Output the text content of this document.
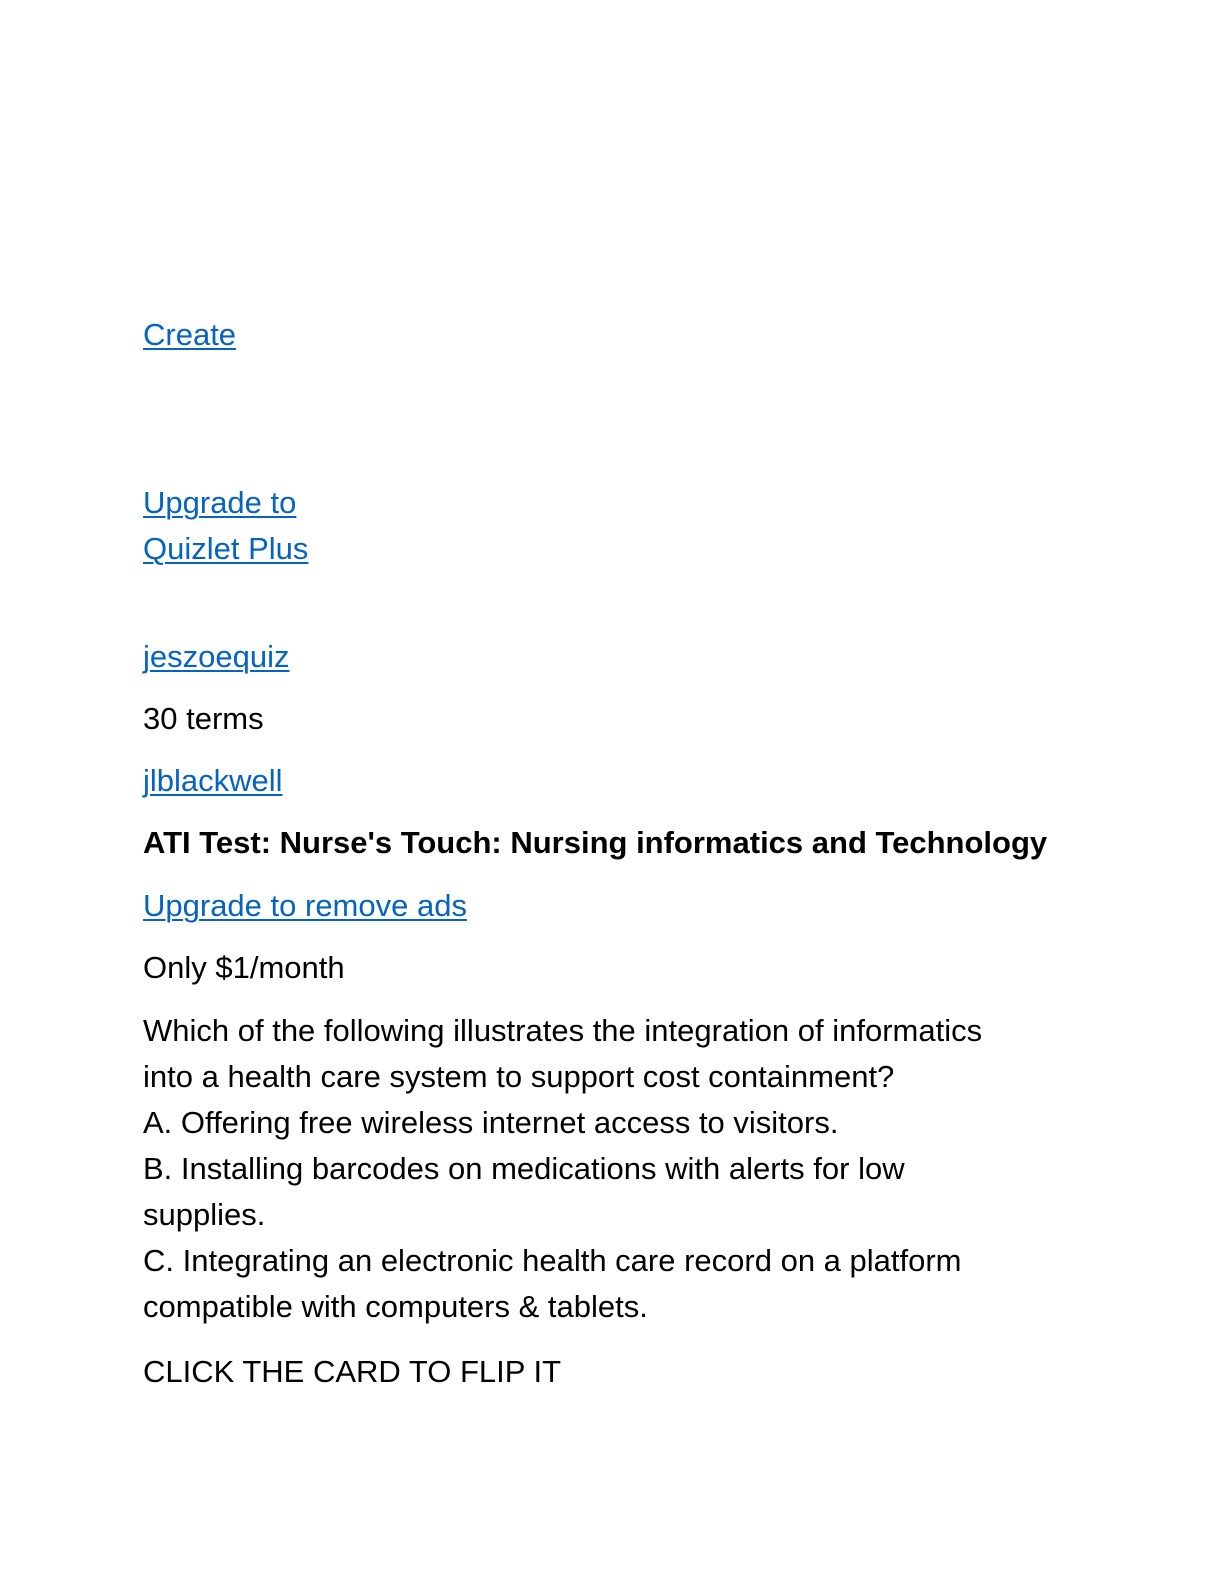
Create
Upgrade to
Quizlet Plus
jeszoequiz
30 terms
jlblackwell
ATI Test: Nurse's Touch: Nursing informatics and Technology
Upgrade to remove ads
Only $1/month
Which of the following illustrates the integration of informatics
into a health care system to support cost containment?
A. Offering free wireless internet access to visitors.
B. Installing barcodes on medications with alerts for low
supplies.
C. Integrating an electronic health care record on a platform
compatible with computers & tablets.
CLICK THE CARD TO FLIP IT
